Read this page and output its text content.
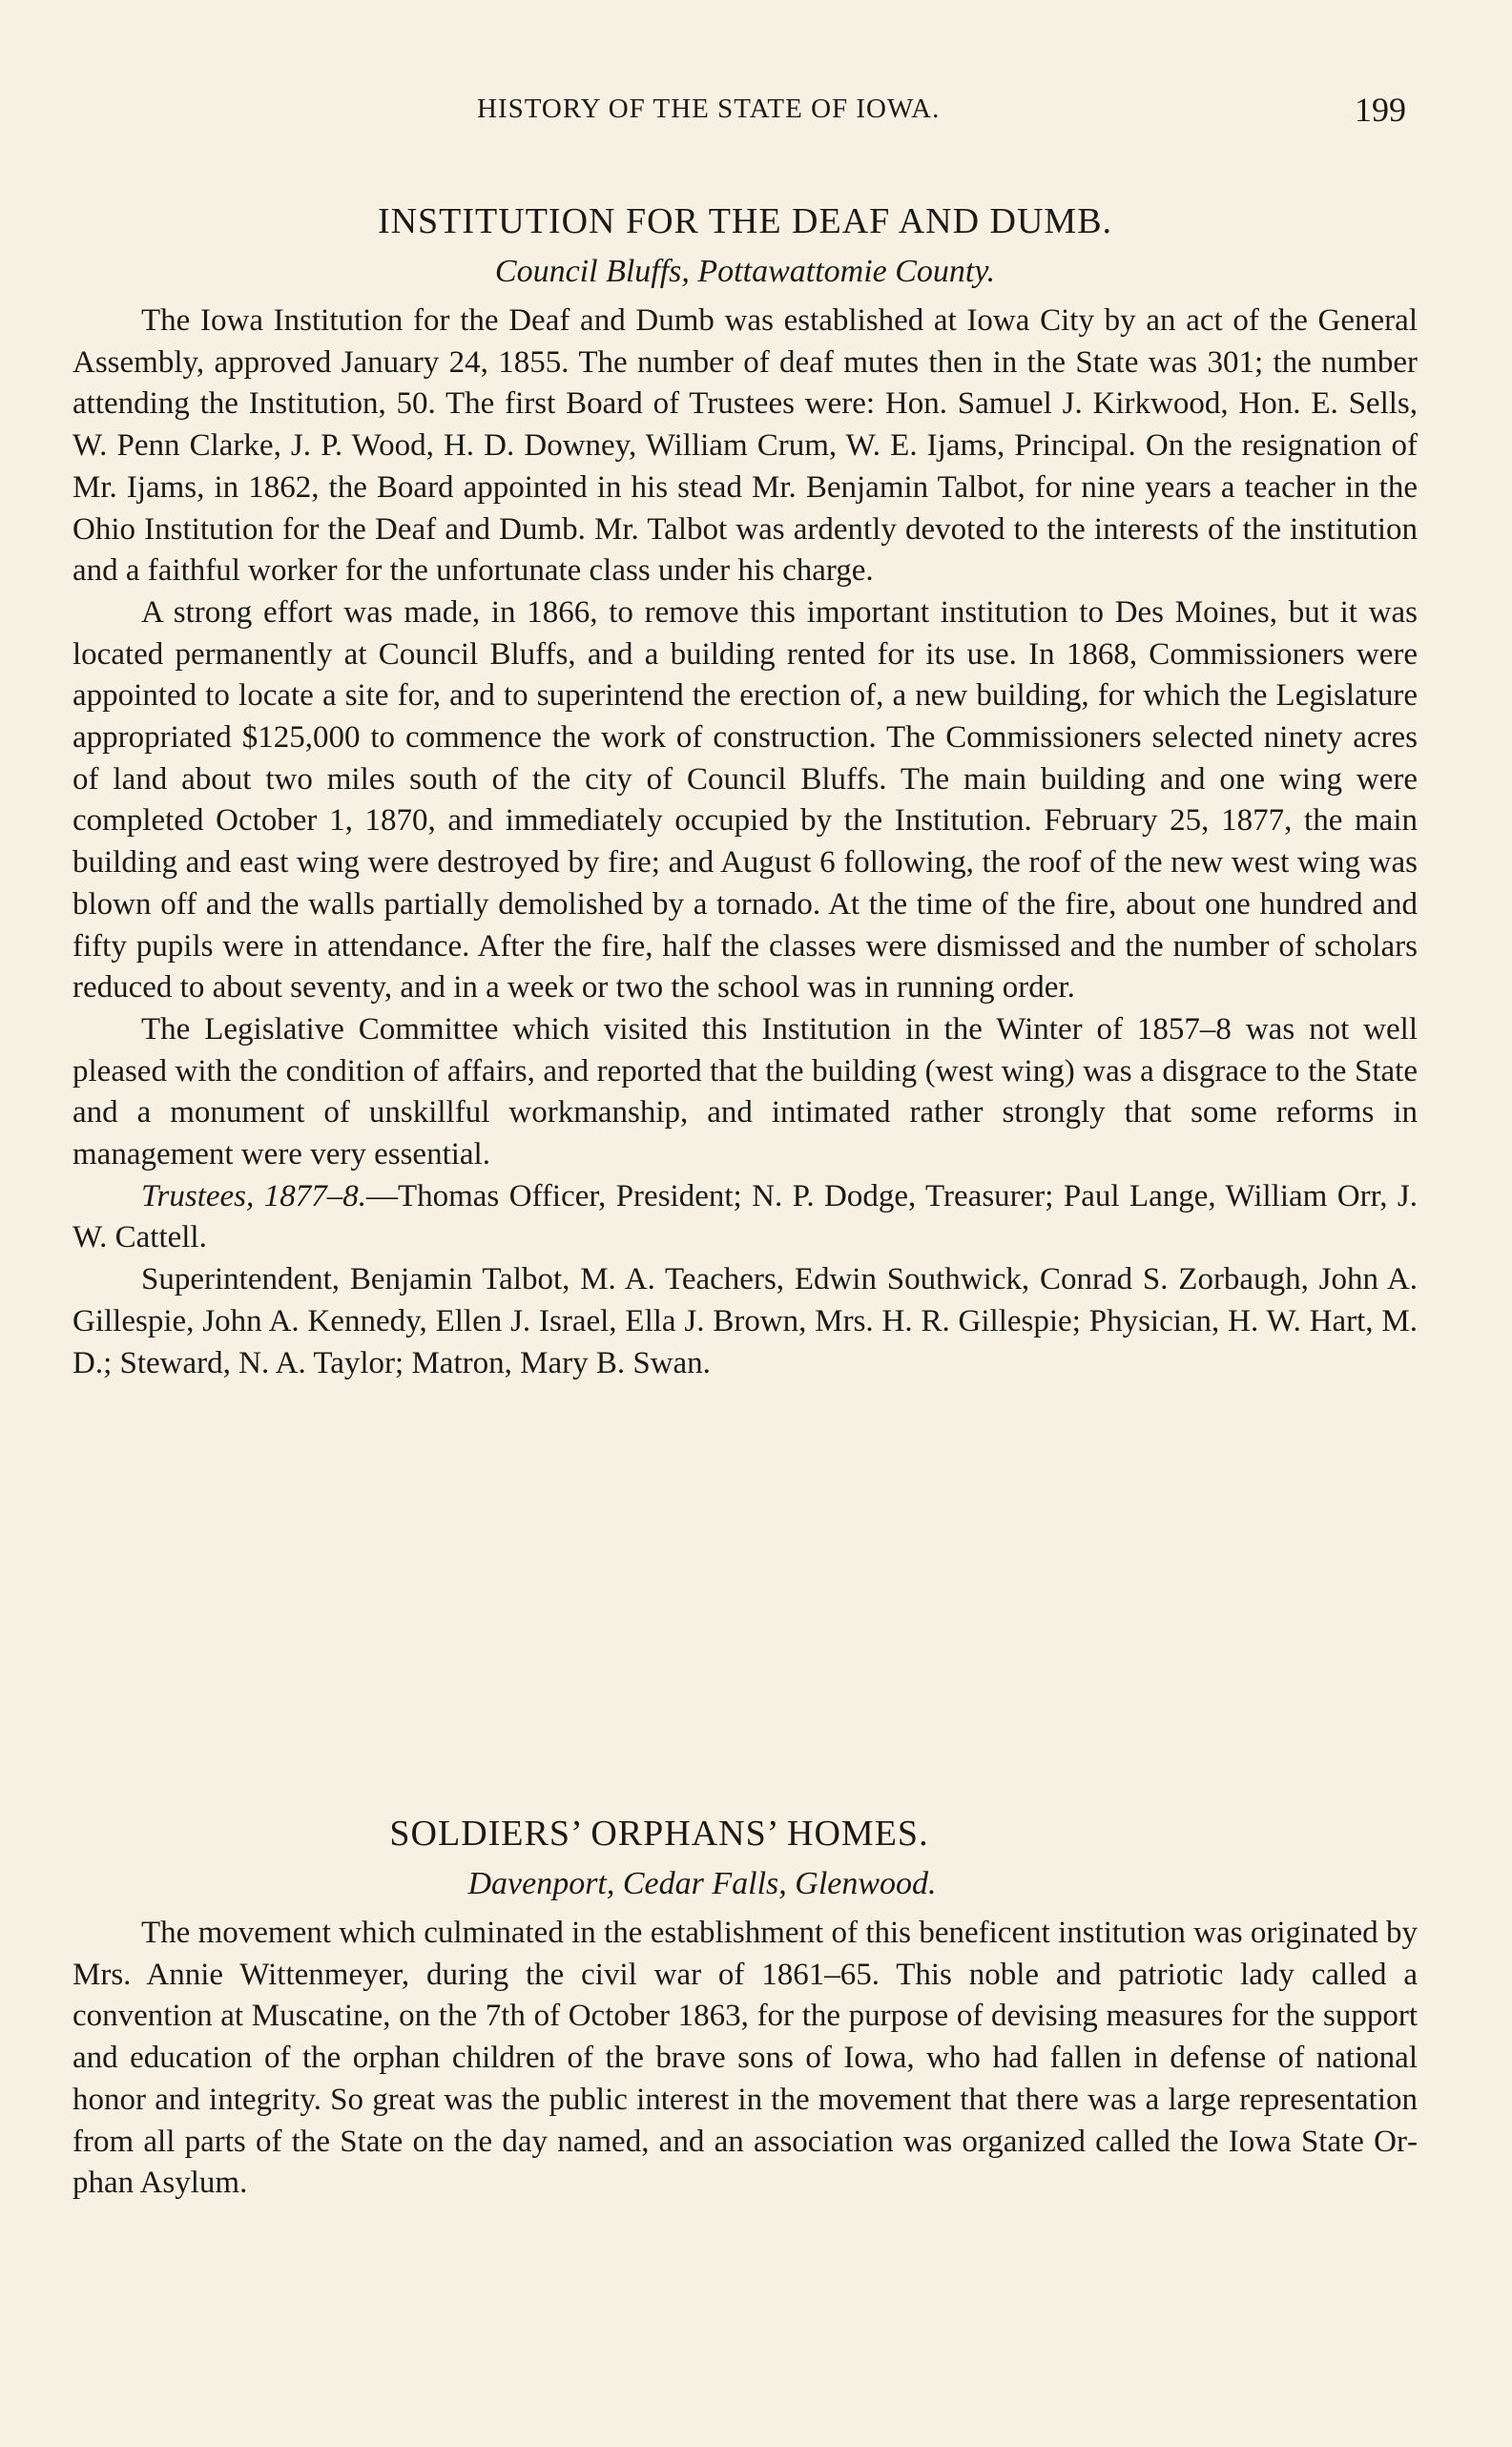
HISTORY OF THE STATE OF IOWA.	199
INSTITUTION FOR THE DEAF AND DUMB.

Council Bluffs, Pottawattomie County.

The Iowa Institution for the Deaf and Dumb was established at Iowa City by an act of the General Assembly, approved January 24, 1855. The number of deaf mutes then in the State was 301; the number attending the Institution, 50. The first Board of Trustees were: Hon. Samuel J. Kirkwood, Hon. E. Sells, W. Penn Clarke, J. P. Wood, H. D. Downey, William Crum, W. E. Ijams, Principal. On the resignation of Mr. Ijams, in 1862, the Board appointed in his stead Mr. Benjamin Talbot, for nine years a teacher in the Ohio Institution for the Deaf and Dumb. Mr. Talbot was ardently devoted to the interests of the institution and a faithful worker for the unfortunate class under his charge.

A strong effort was made, in 1866, to remove this important institution to Des Moines, but it was located permanently at Council Bluffs, and a building rented for its use. In 1868, Commissioners were appointed to locate a site for, and to superintend the erection of, a new building, for which the Legislature appropriated $125,000 to commence the work of construction. The Commissioners selected ninety acres of land about two miles south of the city of Council Bluffs. The main building and one wing were completed October 1, 1870, and immediately occupied by the Institution. February 25, 1877, the main building and east wing were destroyed by fire; and August 6 following, the roof of the new west wing was blown off and the walls partially demolished by a tornado. At the time of the fire, about one hundred and fifty pupils were in attendance. After the fire, half the classes were dismissed and the number of scholars reduced to about seventy, and in a week or two the school was in running order.

The Legislative Committee which visited this Institution in the Winter of 1857–8 was not well pleased with the condition of affairs, and reported that the building (west wing) was a disgrace to the State and a monument of unskillful workmanship, and intimated rather strongly that some reforms in management were very essential.

Trustees, 1877–8.—Thomas Officer, President; N. P. Dodge, Treasurer; Paul Lange, William Orr, J. W. Cattell.

Superintendent, Benjamin Talbot, M. A. Teachers, Edwin Southwick, Conrad S. Zorbaugh, John A. Gillespie, John A. Kennedy, Ellen J. Israel, Ella J. Brown, Mrs. H. R. Gillespie; Physician, H. W. Hart, M. D.; Steward, N. A. Taylor; Matron, Mary B. Swan.

SOLDIERS’ ORPHANS’ HOMES.

Davenport, Cedar Falls, Glenwood.

The movement which culminated in the establishment of this beneficent institution was originated by Mrs. Annie Wittenmeyer, during the civil war of 1861–65. This noble and patriotic lady called a convention at Muscatine, on the 7th of October 1863, for the purpose of devising measures for the support and education of the orphan children of the brave sons of Iowa, who had fallen in defense of national honor and integrity. So great was the public interest in the movement that there was a large representation from all parts of the State on the day named, and an association was organized called the Iowa State Orphan Asylum.
